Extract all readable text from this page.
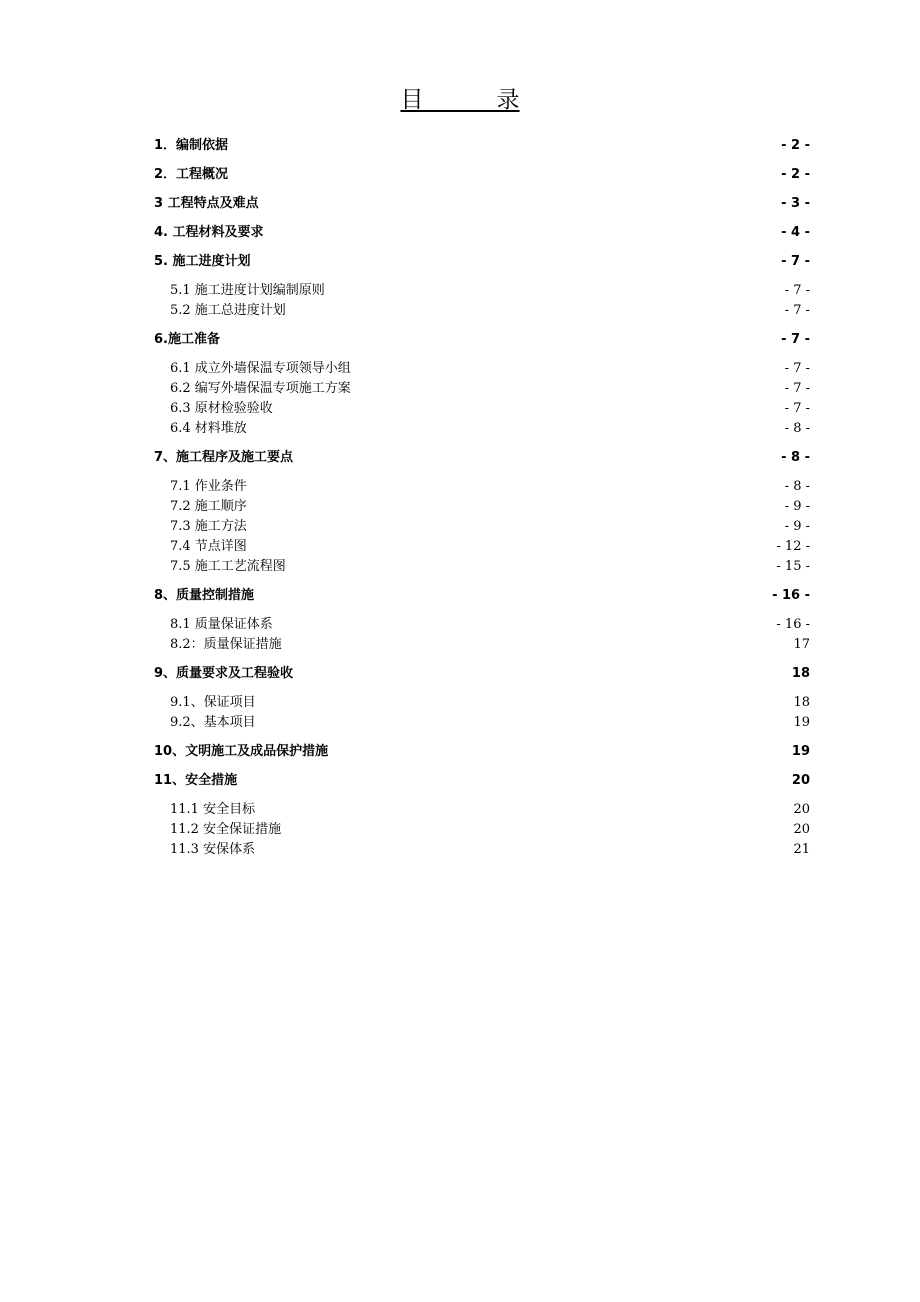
目          录
1．编制依据	- 2 -
2．工程概况	- 2 -
3 工程特点及难点	- 3 -
4. 工程材料及要求	- 4 -
5. 施工进度计划	- 7 -
5.1 施工进度计划编制原则	- 7 -
5.2 施工总进度计划	- 7 -
6.施工准备	- 7 -
6.1 成立外墙保温专项领导小组	- 7 -
6.2 编写外墙保温专项施工方案	- 7 -
6.3 原材检验验收	- 7 -
6.4 材料堆放	- 8 -
7、施工程序及施工要点	- 8 -
7.1 作业条件	- 8 -
7.2 施工顺序	- 9 -
7.3 施工方法	- 9 -
7.4 节点详图	- 12 -
7.5 施工工艺流程图	- 15 -
8、质量控制措施	- 16 -
8.1 质量保证体系	- 16 -
8.2：质量保证措施	17
9、质量要求及工程验收	18
9.1、保证项目	18
9.2、基本项目	19
10、文明施工及成品保护措施	19
11、安全措施	20
11.1 安全目标	20
11.2 安全保证措施	20
11.3 安保体系	21
